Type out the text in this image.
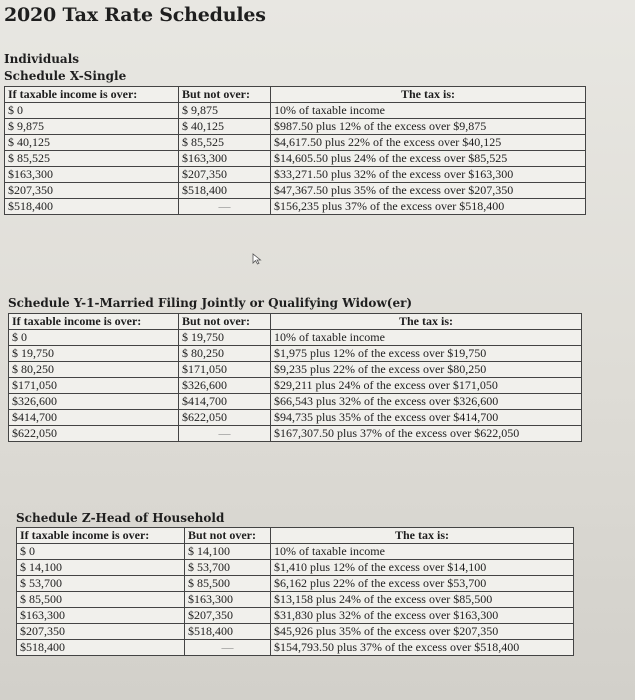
2020 Tax Rate Schedules
Individuals
Schedule X-Single
If taxable income is over:	But not over:	The tax is:
$ 0	$ 9,875	10% of taxable income
$ 9,875	$ 40,125	$987.50 plus 12% of the excess over $9,875
$ 40,125	$ 85,525	$4,617.50 plus 22% of the excess over $40,125
$ 85,525	$163,300	$14,605.50 plus 24% of the excess over $85,525
$163,300	$207,350	$33,271.50 plus 32% of the excess over $163,300
$207,350	$518,400	$47,367.50 plus 35% of the excess over $207,350
$518,400	—	$156,235 plus 37% of the excess over $518,400
Schedule Y-1-Married Filing Jointly or Qualifying Widow(er)
If taxable income is over:	But not over:	The tax is:
$ 0	$ 19,750	10% of taxable income
$ 19,750	$ 80,250	$1,975 plus 12% of the excess over $19,750
$ 80,250	$171,050	$9,235 plus 22% of the excess over $80,250
$171,050	$326,600	$29,211 plus 24% of the excess over $171,050
$326,600	$414,700	$66,543 plus 32% of the excess over $326,600
$414,700	$622,050	$94,735 plus 35% of the excess over $414,700
$622,050	—	$167,307.50 plus 37% of the excess over $622,050
Schedule Z-Head of Household
If taxable income is over:	But not over:	The tax is:
$ 0	$ 14,100	10% of taxable income
$ 14,100	$ 53,700	$1,410 plus 12% of the excess over $14,100
$ 53,700	$ 85,500	$6,162 plus 22% of the excess over $53,700
$ 85,500	$163,300	$13,158 plus 24% of the excess over $85,500
$163,300	$207,350	$31,830 plus 32% of the excess over $163,300
$207,350	$518,400	$45,926 plus 35% of the excess over $207,350
$518,400	—	$154,793.50 plus 37% of the excess over $518,400
